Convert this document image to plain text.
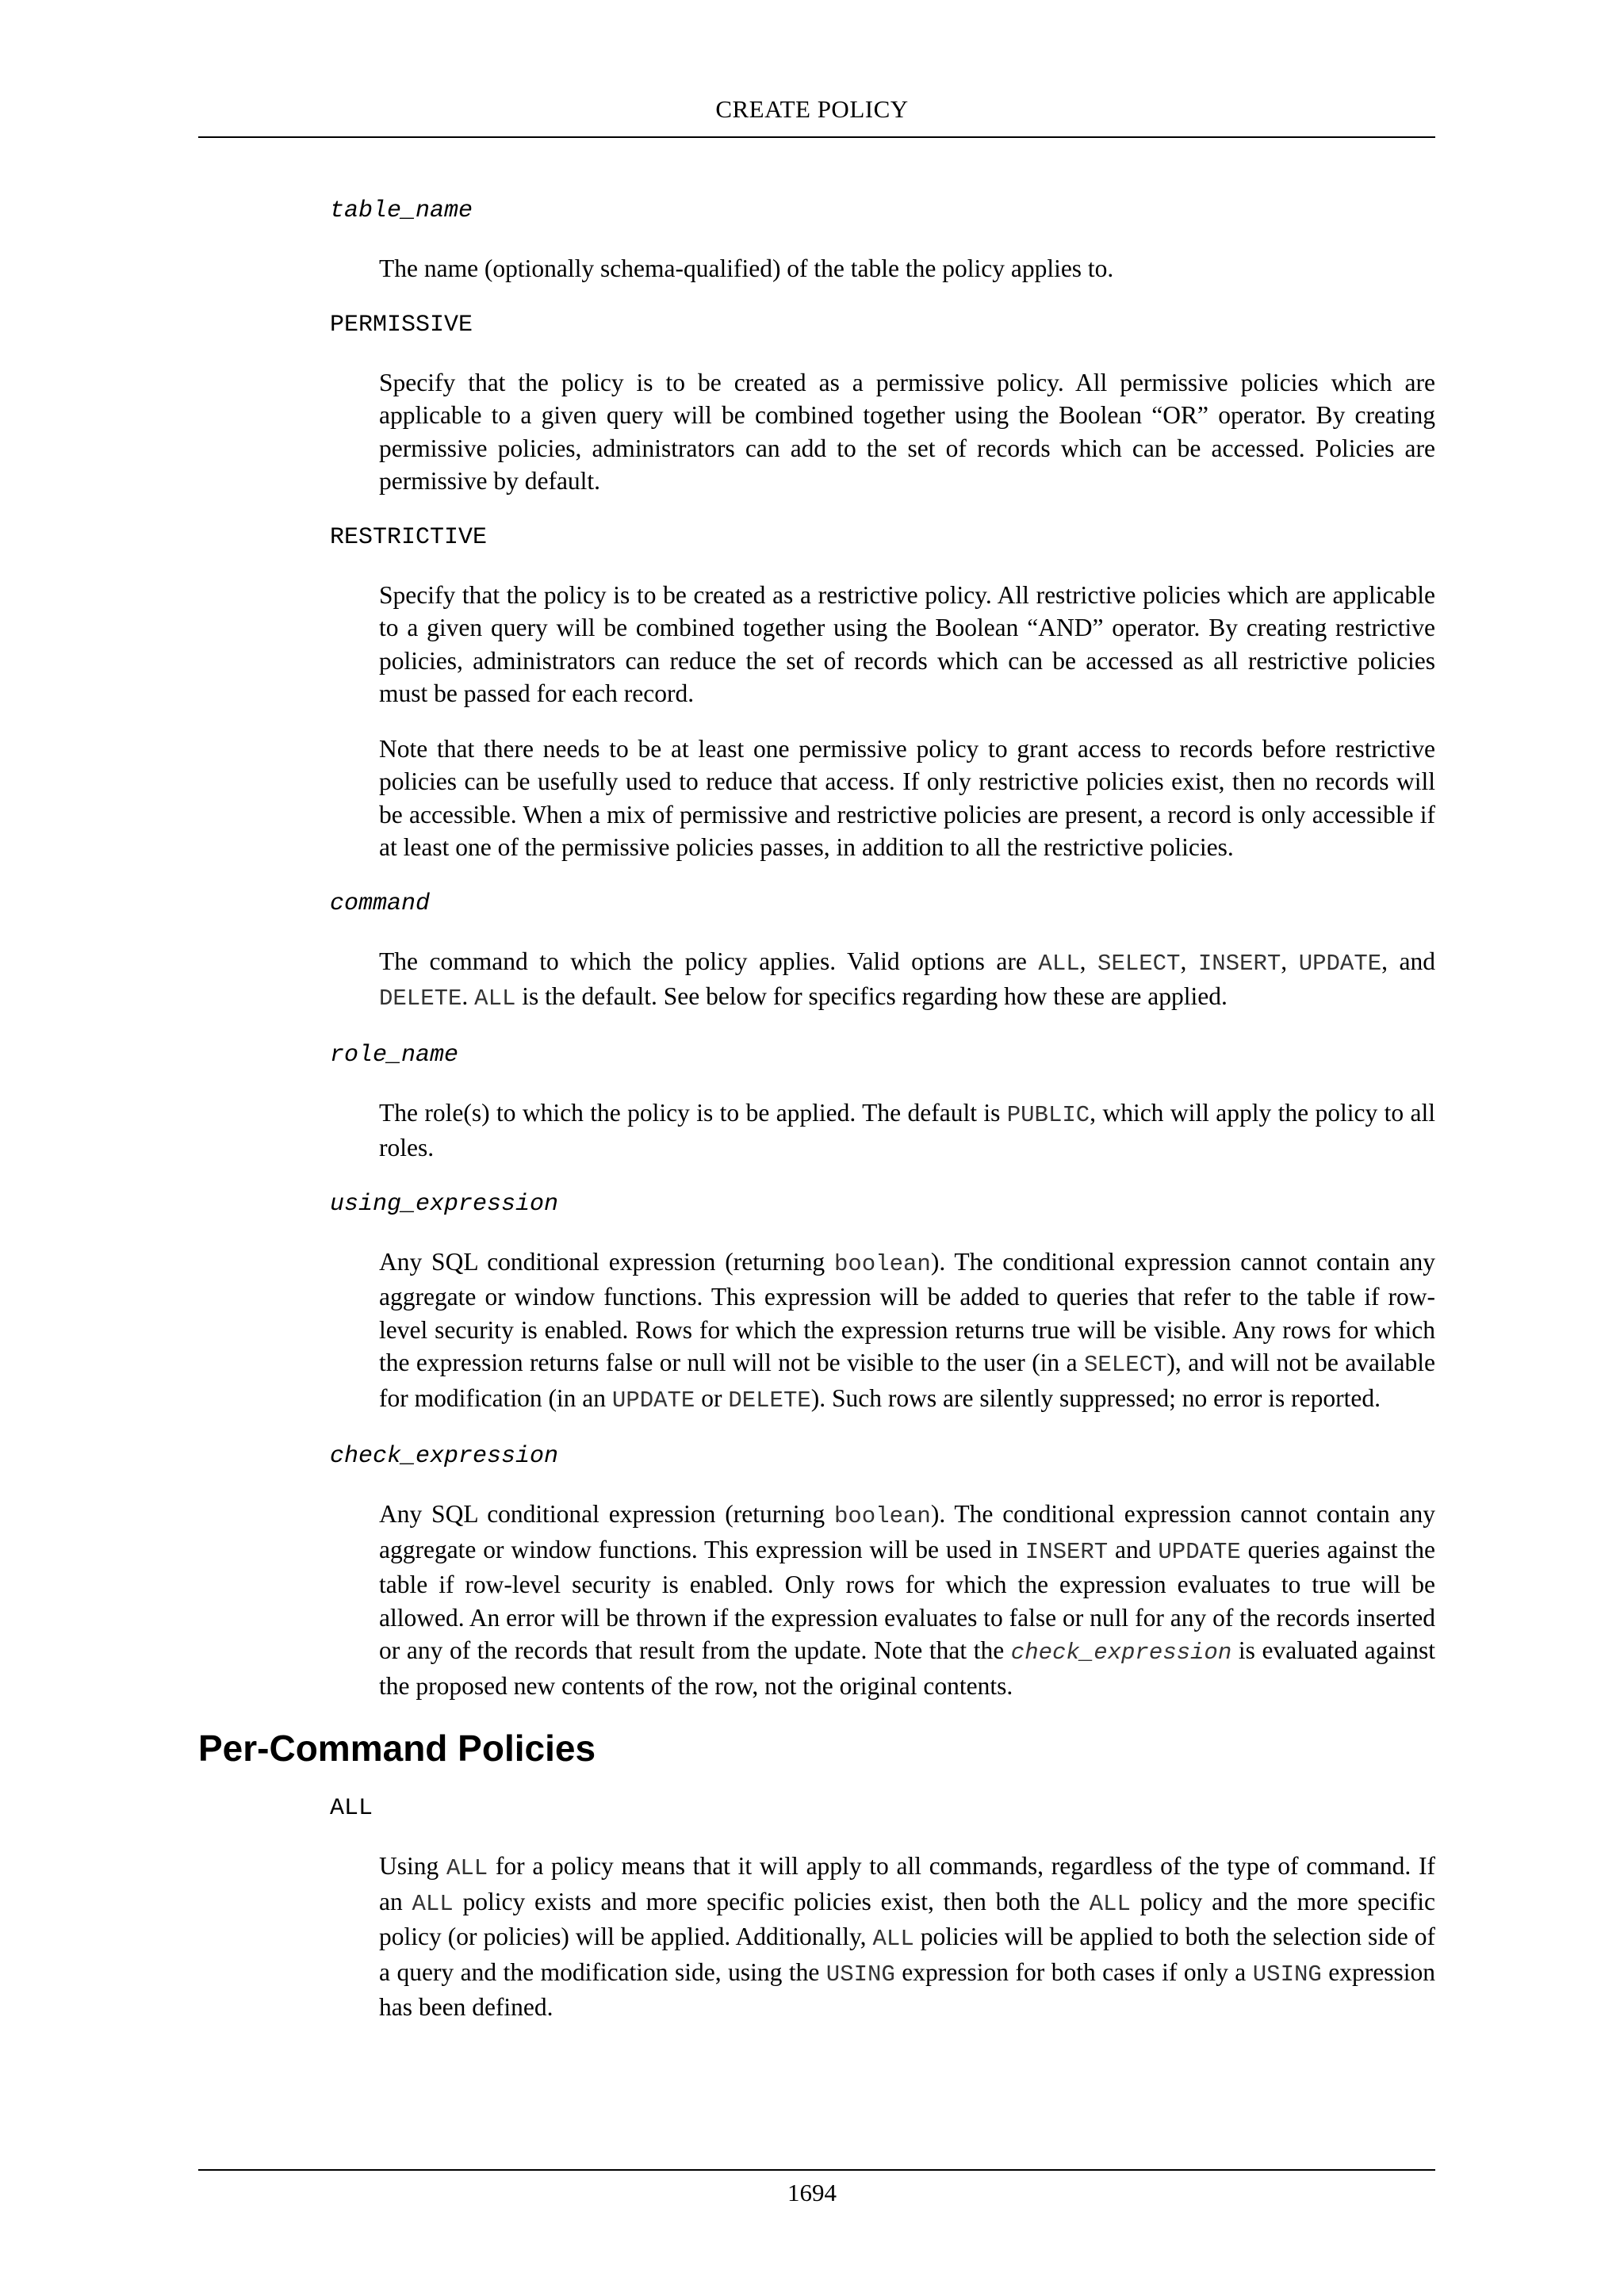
CREATE POLICY
table_name

The name (optionally schema-qualified) of the table the policy applies to.

PERMISSIVE

Specify that the policy is to be created as a permissive policy. All permissive policies which are applicable to a given query will be combined together using the Boolean “OR” operator. By creating permissive policies, administrators can add to the set of records which can be accessed. Policies are permissive by default.

RESTRICTIVE

Specify that the policy is to be created as a restrictive policy. All restrictive policies which are applicable to a given query will be combined together using the Boolean “AND” operator. By creating restrictive policies, administrators can reduce the set of records which can be accessed as all restrictive policies must be passed for each record.

Note that there needs to be at least one permissive policy to grant access to records before restrictive policies can be usefully used to reduce that access. If only restrictive policies exist, then no records will be accessible. When a mix of permissive and restrictive policies are present, a record is only accessible if at least one of the permissive policies passes, in addition to all the restrictive policies.

command

The command to which the policy applies. Valid options are ALL, SELECT, INSERT, UPDATE, and DELETE. ALL is the default. See below for specifics regarding how these are applied.

role_name

The role(s) to which the policy is to be applied. The default is PUBLIC, which will apply the policy to all roles.

using_expression

Any SQL conditional expression (returning boolean). The conditional expression cannot contain any aggregate or window functions. This expression will be added to queries that refer to the table if row-level security is enabled. Rows for which the expression returns true will be visible. Any rows for which the expression returns false or null will not be visible to the user (in a SELECT), and will not be available for modification (in an UPDATE or DELETE). Such rows are silently suppressed; no error is reported.

check_expression

Any SQL conditional expression (returning boolean). The conditional expression cannot contain any aggregate or window functions. This expression will be used in INSERT and UPDATE queries against the table if row-level security is enabled. Only rows for which the expression evaluates to true will be allowed. An error will be thrown if the expression evaluates to false or null for any of the records inserted or any of the records that result from the update. Note that the check_expression is evaluated against the proposed new contents of the row, not the original contents.

Per-Command Policies
ALL

Using ALL for a policy means that it will apply to all commands, regardless of the type of command. If an ALL policy exists and more specific policies exist, then both the ALL policy and the more specific policy (or policies) will be applied. Additionally, ALL policies will be applied to both the selection side of a query and the modification side, using the USING expression for both cases if only a USING expression has been defined.

1694
